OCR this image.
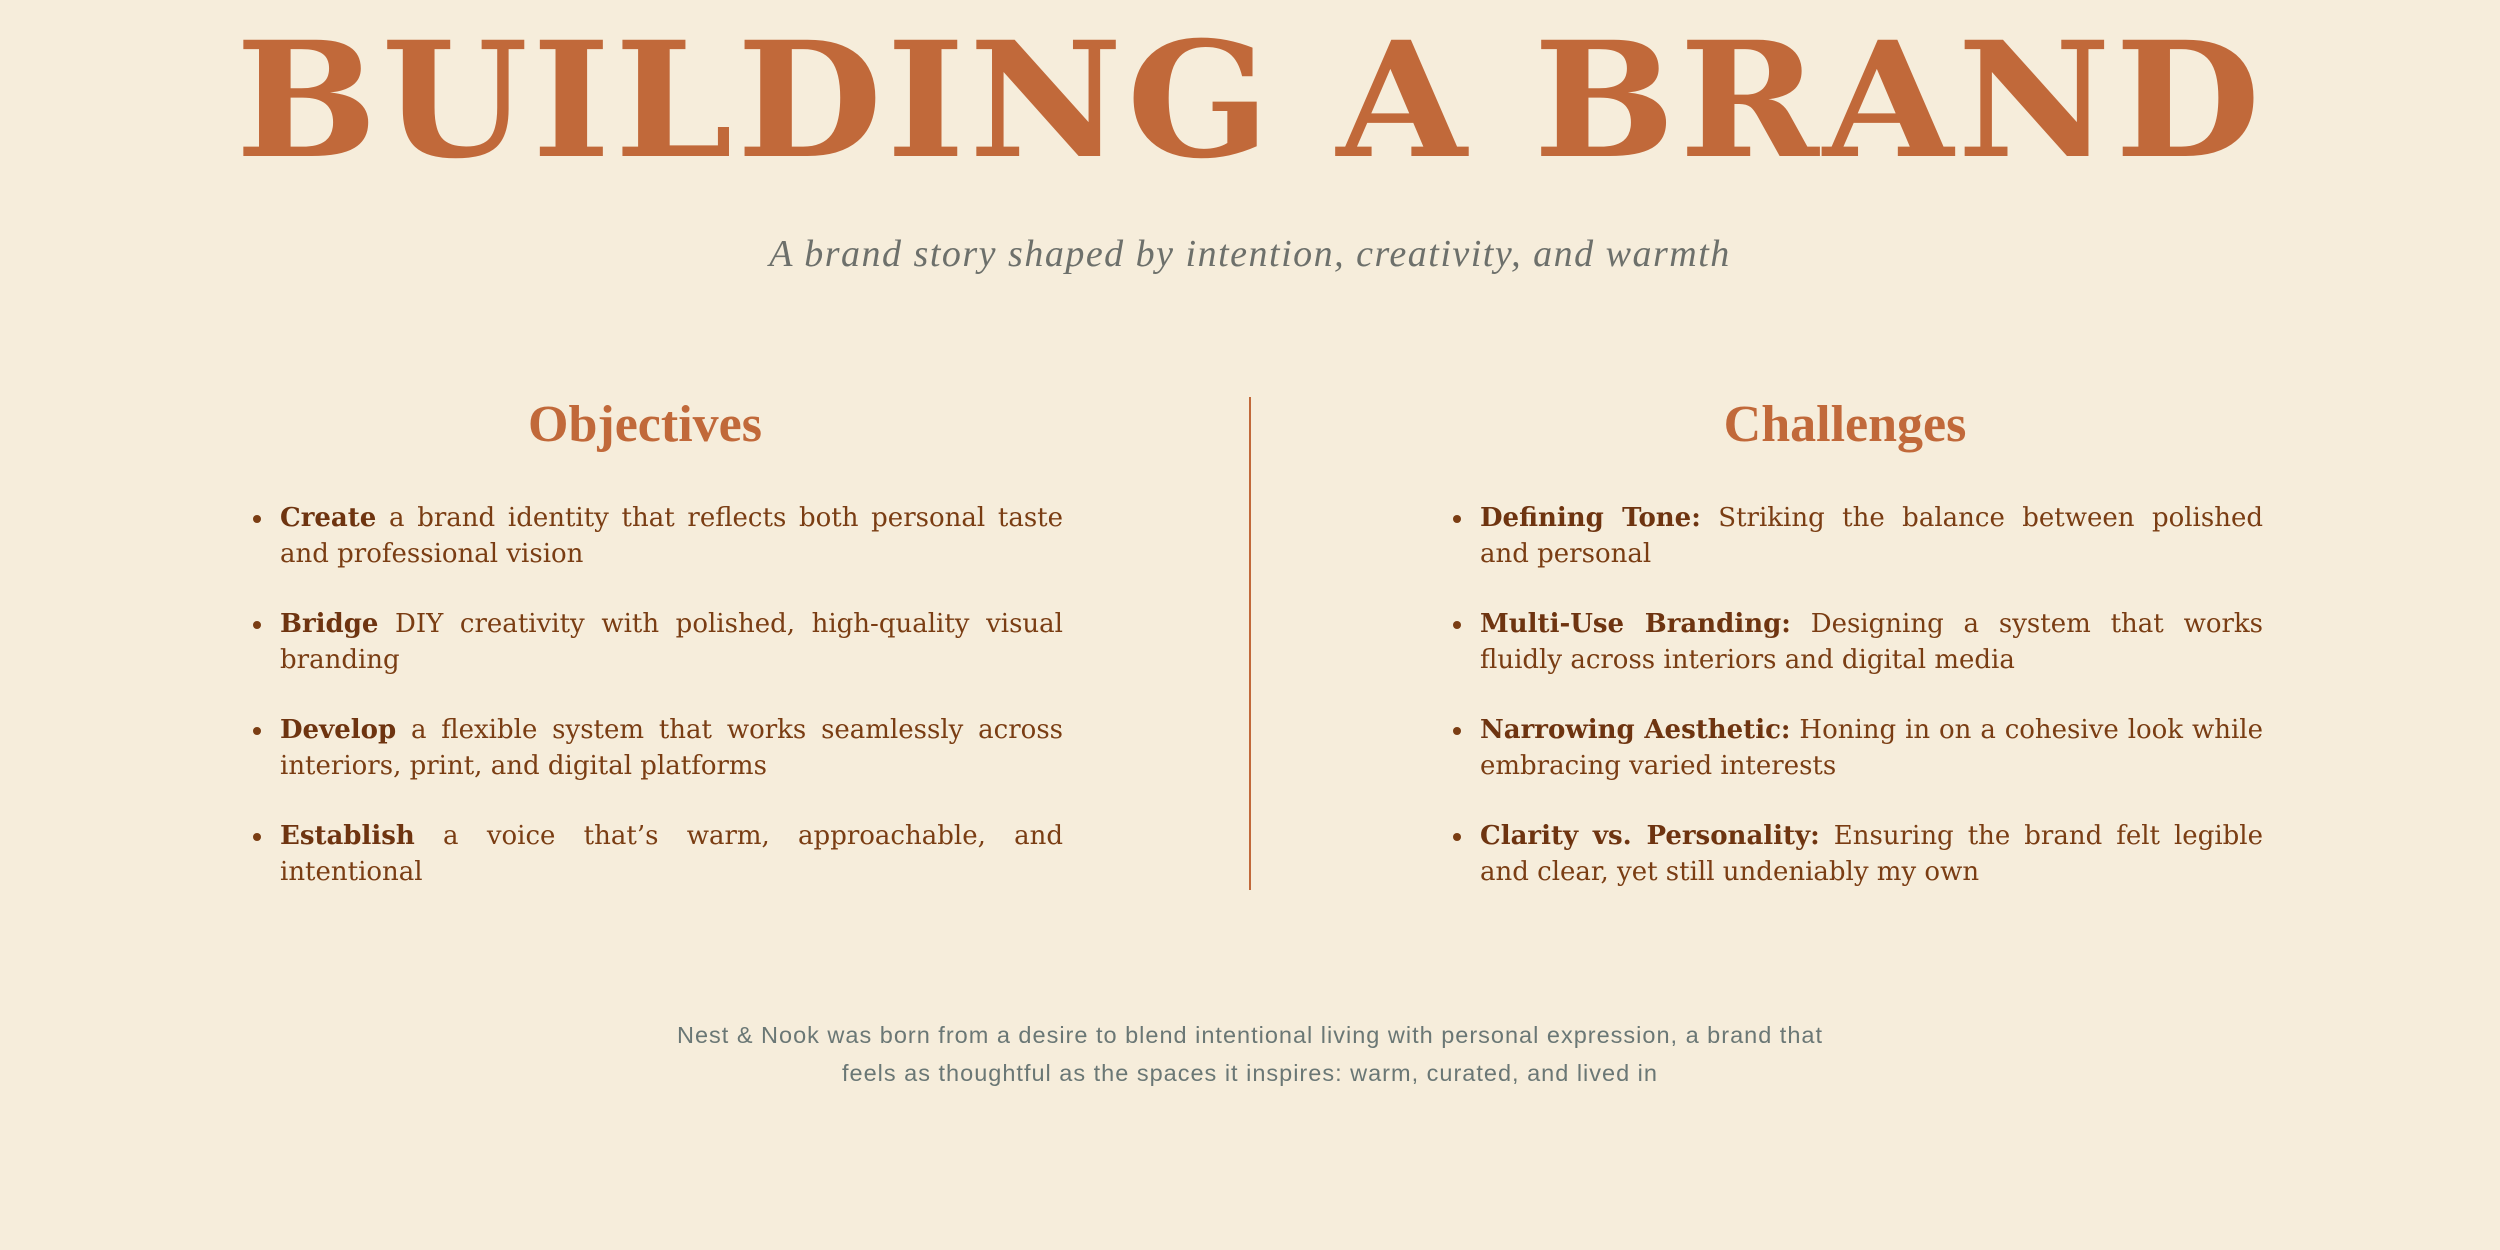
BUILDING A BRAND
A brand story shaped by intention, creativity, and warmth
Objectives	Challenges
Create a brand identity that reflects both personal taste and professional vision
Bridge DIY creativity with polished, high-quality visual branding
Develop a flexible system that works seamlessly across interiors, print, and digital platforms
Establish a voice that’s warm, approachable, and intentional
Defining Tone: Striking the balance between polished and personal
Multi-Use Branding: Designing a system that works fluidly across interiors and digital media
Narrowing Aesthetic: Honing in on a cohesive look while embracing varied interests
Clarity vs. Personality: Ensuring the brand felt legible and clear, yet still undeniably my own
Nest & Nook was born from a desire to blend intentional living with personal expression, a brand that
feels as thoughtful as the spaces it inspires: warm, curated, and lived in
